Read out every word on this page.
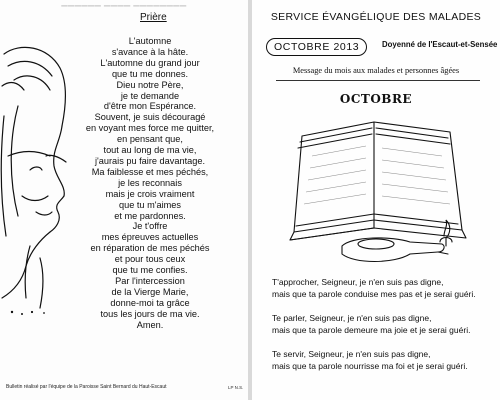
▔▔▔▔▔▔ ▔▔▔▔ ▔▔▔▔▔▔▔▔
Prière
L'automne
s'avance à la hâte.
L'automne du grand jour
que tu me donnes.
Dieu notre Père,
je te demande
d'être mon Espérance.
Souvent, je suis découragé
en voyant mes force me quitter,
en pensant que,
tout au long de ma vie,
j'aurais pu faire davantage.
Ma faiblesse et mes péchés,
je les reconnais
mais je crois vraiment
que tu m'aimes
et me pardonnes.
Je t'offre
mes épreuves actuelles
en réparation de mes péchés
et pour tous ceux
que tu me confies.
Par l'intercession
de la Vierge Marie,
donne-moi ta grâce
tous les jours de ma vie.
Amen.
Bulletin réalisé par l'équipe de la Paroisse Saint Bernard du Haut-Escaut	LP N.S.
SERVICE ÉVANGÉLIQUE DES MALADES
OCTOBRE 2013	Doyenné de l'Escaut-et-Sensée
Message du mois aux malades et personnes âgées
OCTOBRE
T'approcher, Seigneur, je n'en suis pas digne,
mais que ta parole conduise mes pas et je serai guéri.
Te parler, Seigneur, je n'en suis pas digne,
mais que ta parole demeure ma joie et je serai guéri.
Te servir, Seigneur, je n'en suis pas digne,
mais que ta parole nourrisse ma foi et je serai guéri.
